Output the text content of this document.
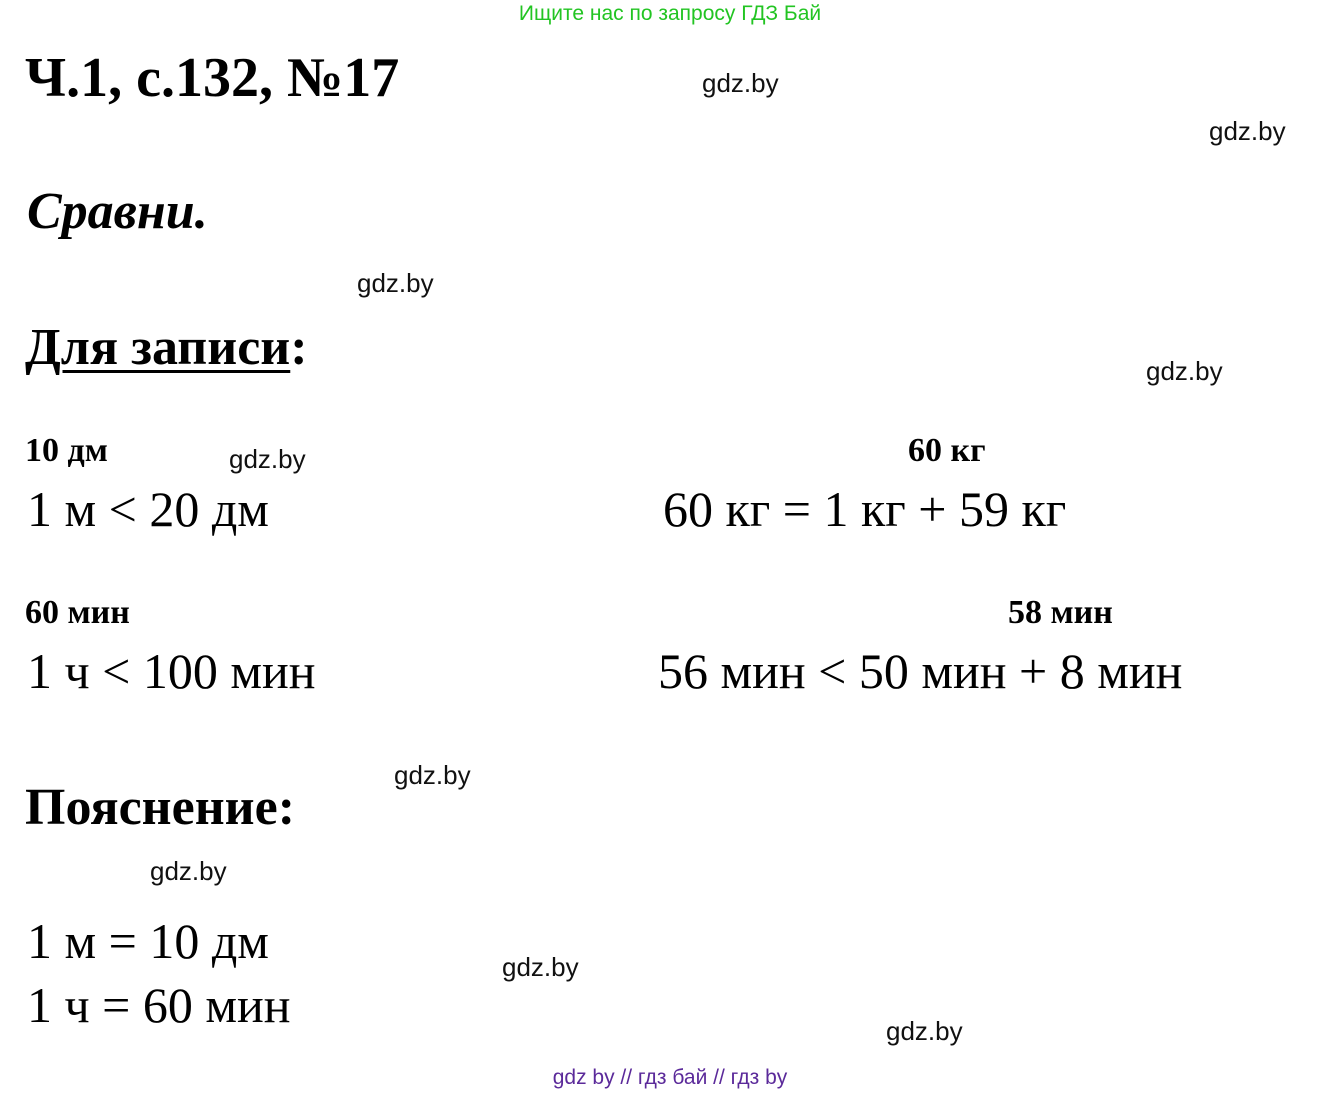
Ищите нас по запросу ГДЗ Бай
Ч.1, с.132, №17
Сравни.
Для записи:
10 дм
1 м < 20 дм
60 кг
60 кг = 1 кг + 59 кг
60 мин
1 ч < 100 мин
58 мин
56 мин < 50 мин + 8 мин
Пояснение:
1 м = 10 дм
1 ч = 60 мин
gdz.by
gdz.by
gdz.by
gdz.by
gdz.by
gdz.by
gdz.by
gdz.by
gdz.by
gdz by // гдз бай // гдз by
